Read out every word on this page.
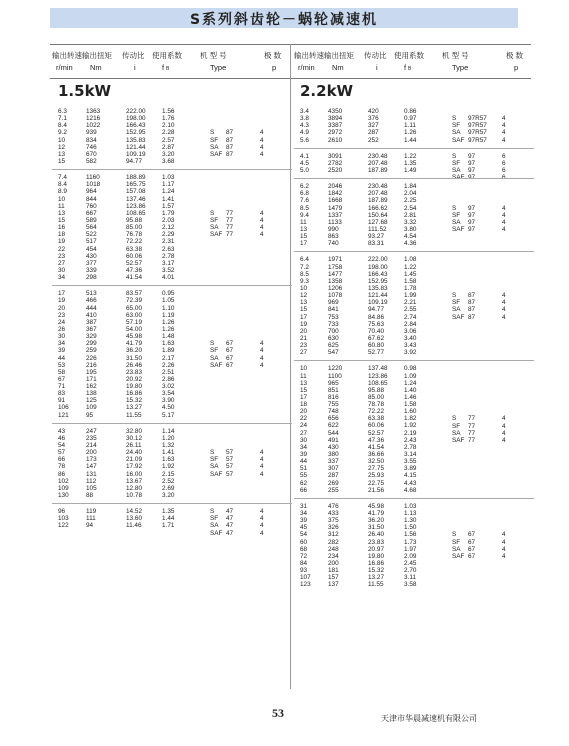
S系列斜齿轮－蜗轮减速机
输出转速 输出扭矩 传动比 使用系数 机 型 号	极 数
r/min Nm	i	f	Type	p
B
1.5kW
6.3	1363	222.00	1.56
7.1	1216	198.00	1.76
8.4	1022	166.43	2.10
9.2	939	152.95	2.28
10	834	135.83	2.57
12	746	121.44	2.87
13	670	109.19	3.20
15	582	94.77	3.68
S 87	4
SF 87	4
SA 87	4
SAF 87	4
7.4	1160	188.89	1.03
8.4	1018	165.75	1.17
8.9	964	157.08	1.24
10	844	137.46	1.41
11	760	123.86	1.57
13	667	108.65	1.79
15	589	95.88	2.03
16	564	85.00	2.12
18	522	76.78	2.29
19	517	72.22	2.31
22	454	63.38	2.63
23	430	60.06	2.78
27	377	52.57	3.17
30	339	47.36	3.52
34	298	41.54	4.01
S 77	4
SF 77	4
SA 77	4
SAF 77	4
17	513	83.57	0.95
19	466	72.39	1.05
20	444	65.00	1.10
23	410	63.00	1.19
24	387	57.19	1.26
26	367	54.00	1.26
30	329	45.98	1.48
34	299	41.79	1.63
39	259	36.20	1.89
44	226	31.50	2.17
53	216	26.46	2.26
58	195	23.83	2.51
67	171	20.92	2.86
71	162	19.80	3.02
83	138	16.86	3.54
91	125	15.32	3.90
106	109	13.27	4.50
121	95	11.55	5.17
S 67	4
SF 67	4
SA 67	4
SAF 67	4
43	247	32.80	1.14
46	235	30.12	1.20
54	214	26.11	1.32
57	200	24.40	1.41
66	173	21.09	1.63
78	147	17.92	1.92
86	131	16.00	2.15
102	112	13.67	2.52
109	105	12.80	2.69
130	88	10.78	3.20
S 57	4
SF 57	4
SA 57	4
SAF 57	4
96	119	14.52	1.35
103	111	13.60	1.44
122	94	11.46	1.71
S 47	4
SF 47	4
SA 47	4
SAF 47	4
输出转速 输出扭矩 传动比 使用系数 机 型 号	极 数
r/min Nm	i	f	Type	p
B
2.2kW
3.4	4350	420	0.86
3.8	3894	376	0.97
4.3	3387	327	1.11
4.9	2972	287	1.26
5.6	2610	252	1.44
S 97R57 4
SF 97R57 4
SA 97R57 4
SAF 97R57 4
4.1	3091	230.48	1.22
4.5	2782	207.48	1.35
5.0	2520	187.89	1.49
S 97	6
SF 97	6
SA 97	6
SAF 97	6
6.2	2046	230.48	1.84
6.8	1842	207.48	2.04
7.6	1668	187.89	2.25
8.5	1479	166.62	2.54
9.4	1337	150.64	2.81
11	1133	127.68	3.32
13	990	111.52	3.80
15	863	93.27	4.54
17	740	83.31	4.36
S 97	4
SF 97	4
SA 97	4
SAF 97	4
6.4	1971	222.00	1.08
7.2	1758	198.00	1.22
8.5	1477	166.43	1.45
9.3	1358	152.95	1.58
10	1206	135.83	1.78
12	1078	121.44	1.99
13	969	109.19	2.21
15	841	94.77	2.55
17	753	84.86	2.74
19	733	75.63	2.84
20	700	70.40	3.06
21	630	67.62	3.40
23	625	60.80	3.43
27	547	52.77	3.92
S 87	4
SF 87	4
SA 87	4
SAF 87	4
10	1220	137.48	0.98
11	1100	123.86	1.09
13	965	108.65	1.24
15	851	95.88	1.40
17	816	85.00	1.46
18	755	78.78	1.58
20	748	72.22	1.60
22	656	63.38	1.82
24	622	60.06	1.92
27	544	52.57	2.19
30	491	47.36	2.43
34	430	41.54	2.78
39	380	36.66	3.14
44	337	32.50	3.55
51	307	27.75	3.89
55	287	25.93	4.15
62	269	22.75	4.43
66	255	21.56	4.68
S 77	4
SF 77	4
SA 77	4
SAF 77	4
31	476	45.98	1.03
34	433	41.79	1.13
39	375	36.20	1.30
45	326	31.50	1.50
54	312	26.40	1.56
60	282	23.83	1.73
68	248	20.97	1.97
72	234	19.80	2.09
84	200	16.86	2.45
93	181	15.32	2.70
107	157	13.27	3.11
123	137	11.55	3.58
S 67	4
SF 67	4
SA 67	4
SAF 67	4
53	天津市华晨减速机有限公司
